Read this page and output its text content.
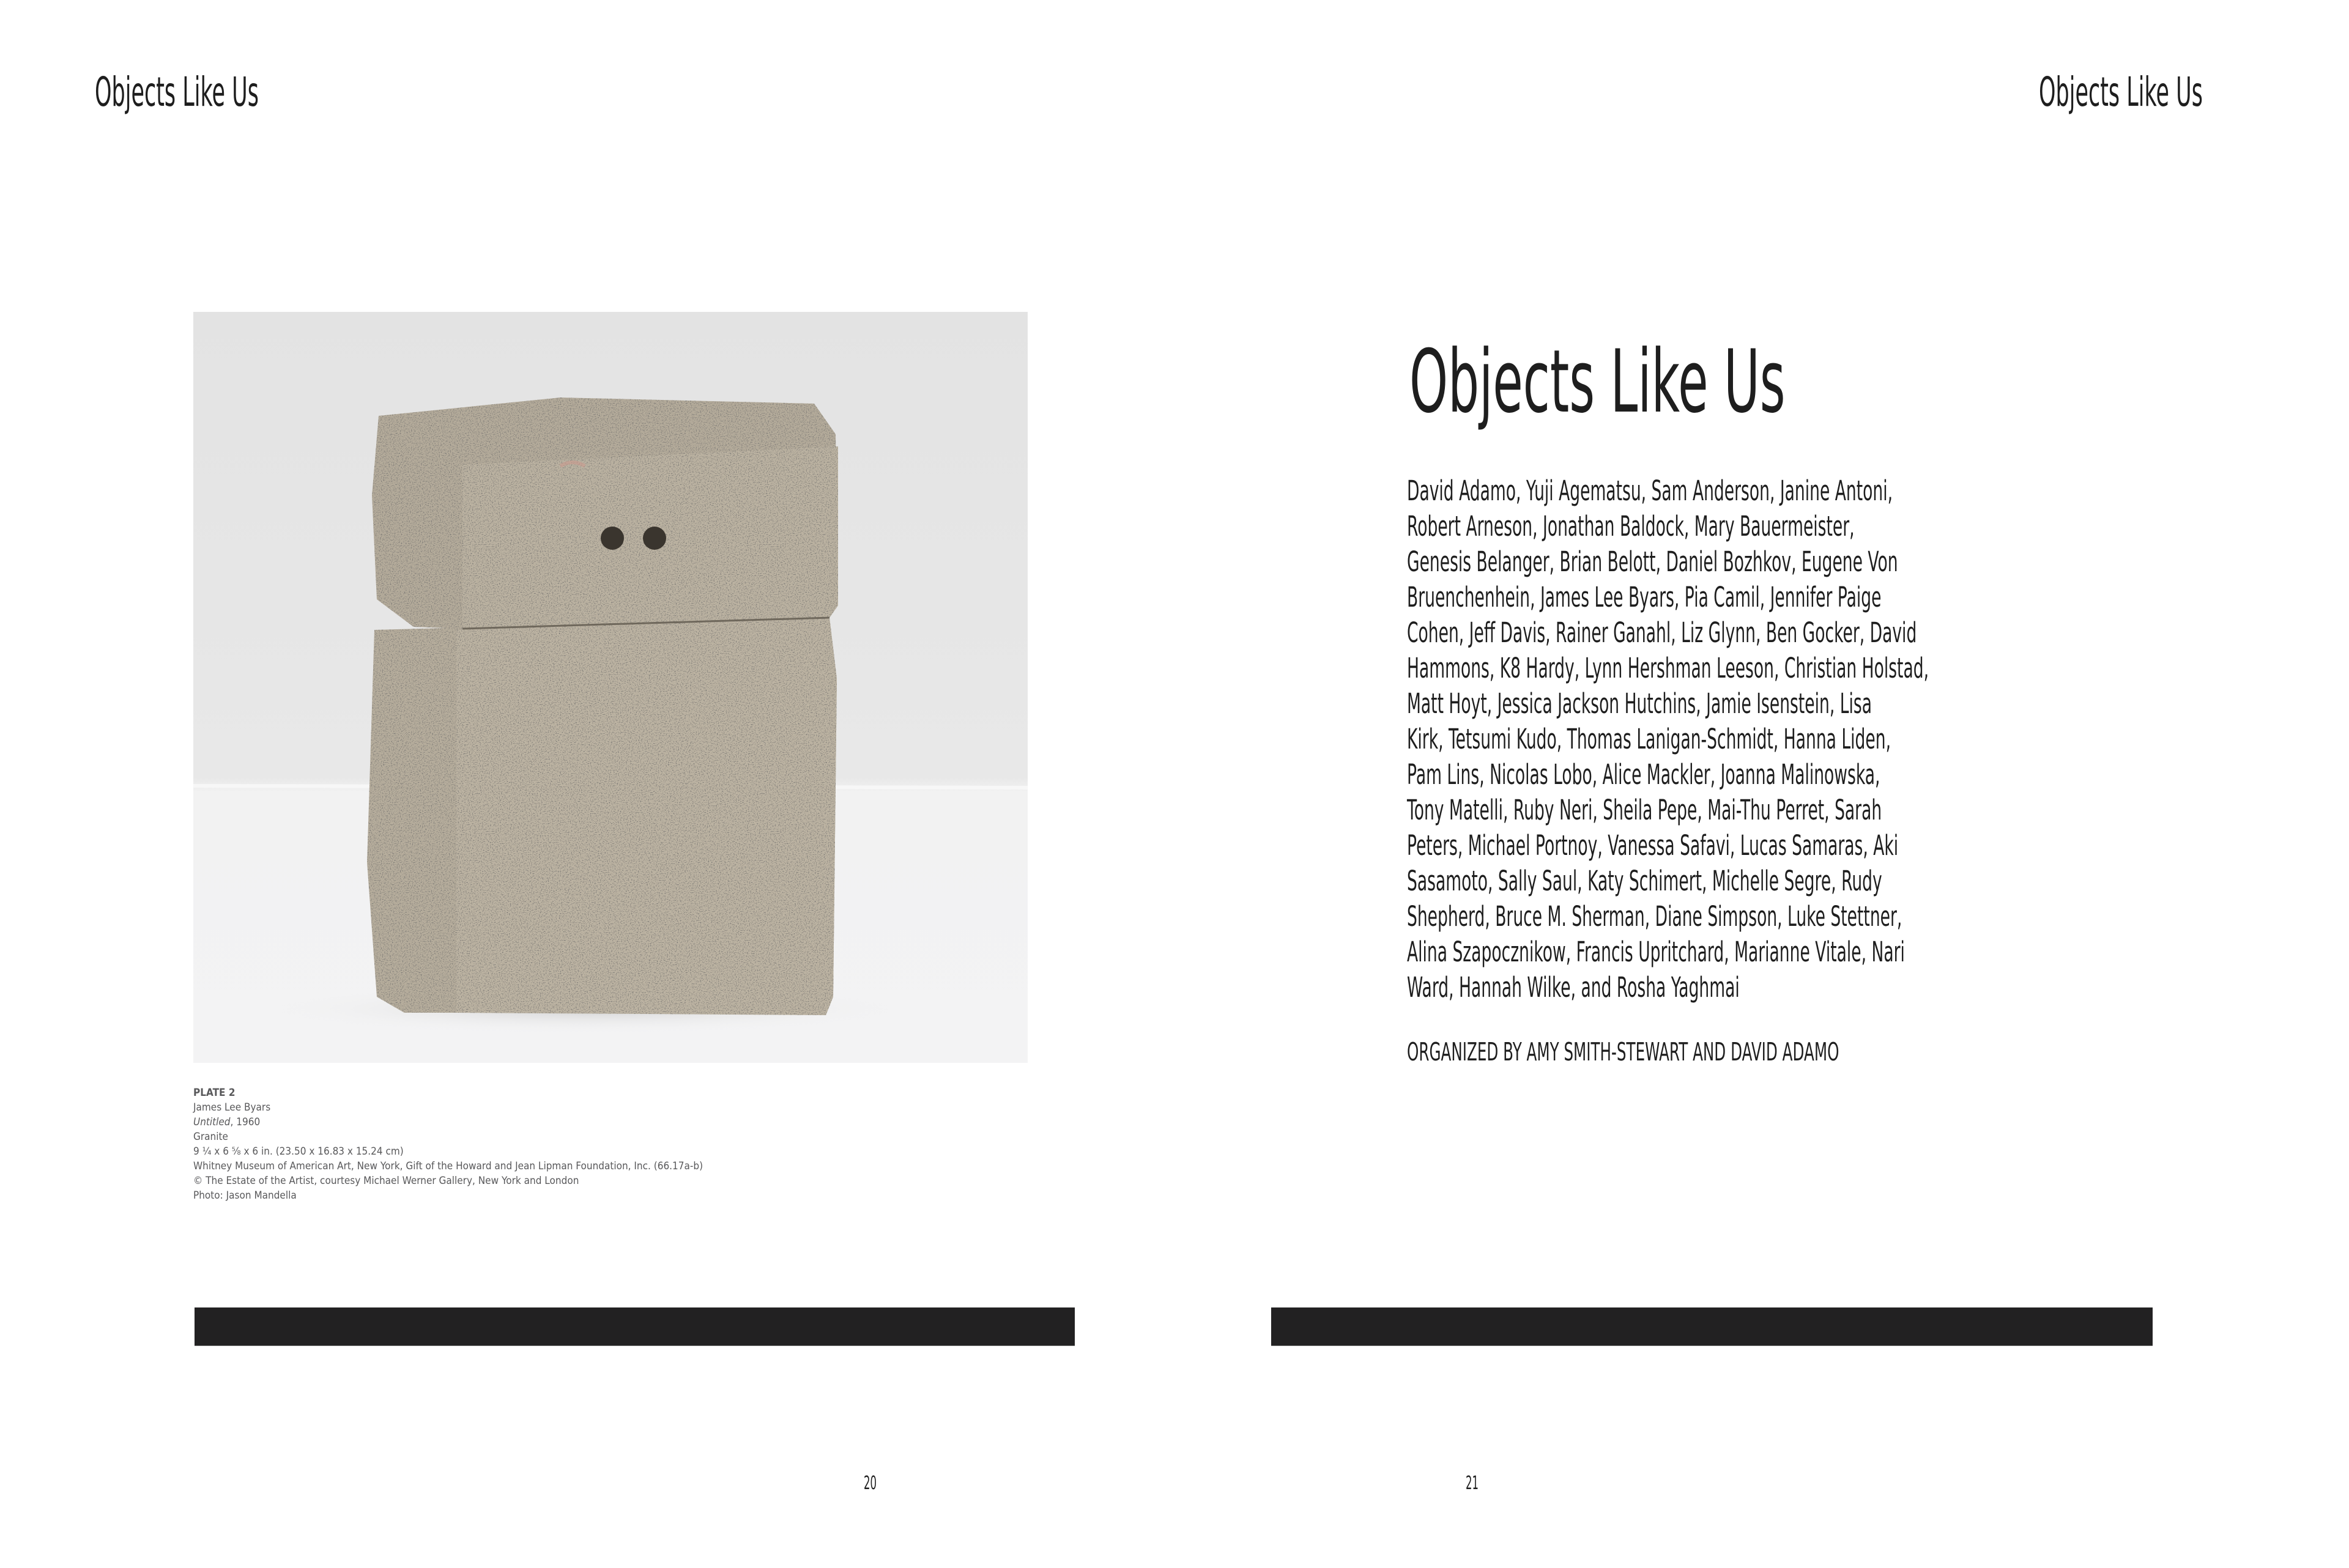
Objects Like Us	Objects Like Us
PLATE 2
James Lee Byars
Untitled, 1960
Granite
9 ¼ x 6 ⅝ x 6 in. (23.50 x 16.83 x 15.24 cm)
Whitney Museum of American Art, New York, Gift of the Howard and Jean Lipman Foundation, Inc. (66.17a-b)
© The Estate of the Artist, courtesy Michael Werner Gallery, New York and London
Photo: Jason Mandella
20	21
Objects Like Us
David Adamo, Yuji Agematsu, Sam Anderson, Janine Antoni,
Robert Arneson, Jonathan Baldock, Mary Bauermeister,
Genesis Belanger, Brian Belott, Daniel Bozhkov, Eugene Von
Bruenchenhein, James Lee Byars, Pia Camil, Jennifer Paige
Cohen, Jeff Davis, Rainer Ganahl, Liz Glynn, Ben Gocker, David
Hammons, K8 Hardy, Lynn Hershman Leeson, Christian Holstad,
Matt Hoyt, Jessica Jackson Hutchins, Jamie Isenstein, Lisa
Kirk, Tetsumi Kudo, Thomas Lanigan-Schmidt, Hanna Liden,
Pam Lins, Nicolas Lobo, Alice Mackler, Joanna Malinowska,
Tony Matelli, Ruby Neri, Sheila Pepe, Mai-Thu Perret, Sarah
Peters, Michael Portnoy, Vanessa Safavi, Lucas Samaras, Aki
Sasamoto, Sally Saul, Katy Schimert, Michelle Segre, Rudy
Shepherd, Bruce M. Sherman, Diane Simpson, Luke Stettner,
Alina Szapocznikow, Francis Upritchard, Marianne Vitale, Nari
Ward, Hannah Wilke, and Rosha Yaghmai
ORGANIZED BY AMY SMITH-STEWART AND DAVID ADAMO
